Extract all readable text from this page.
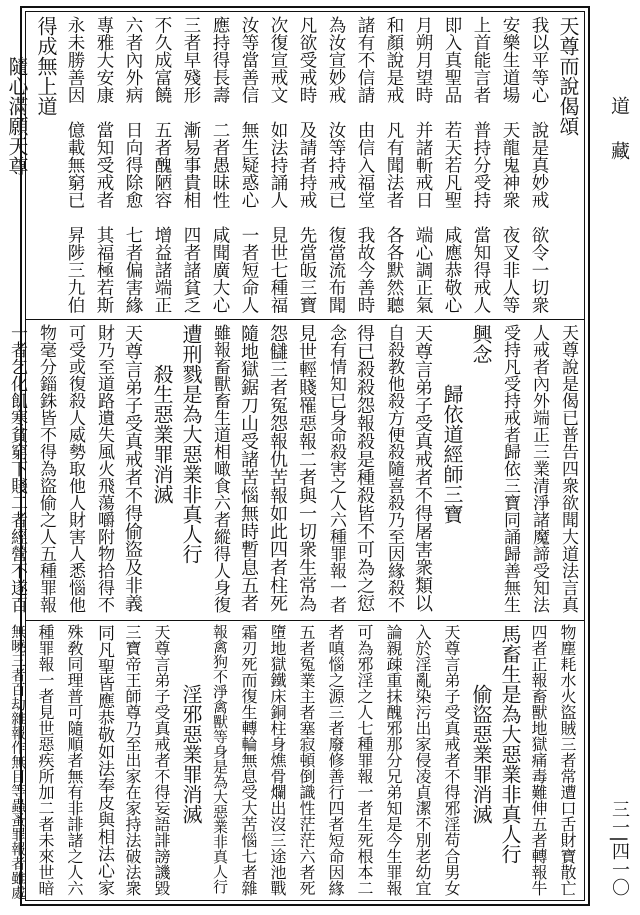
天尊而說偈頌
我以平等心　說是真妙戒　欲令一切衆
安樂生道場　天龍鬼神衆　夜叉非人等
上首能言者　普持分受持　當知得戒人
即入真聖品　若天若凡聖　咸應恭敬心
月朔月望時　并諸斬戒日　端心調正氣
和顏說是戒　凡有聞法者　各各默然聽
諸有不信請　由信入福堂　我故今善時
為汝宣妙戒　汝等持戒已　復當流布聞
凡欲受戒時　及請者持戒　先當皈三寶
次復宣戒文　如法持誦人　見世七種福
汝等當善信　無生疑惑心　一者短命人
應持得長壽　二者愚昧性　咸聞廣大心
三者早殘形　漸易事貴相　四者諸貧乏
不久成富饒　五者醜陋容　增益諸端正
六者內外病　日向得除愈　七者偏害緣
專雅大安康　當知受戒者　其福極若斯
永未勝善因　億載無窮已　昇陟三九伯
得成無上道
　　隨心滿願天尊
天尊說是偈已普告四衆欲聞大道法言真
人戒者內外端正三業清淨諸魔諦受知法
受持凡受持戒者歸依三寶同誦歸善無生
興念
　　　歸依道經師三寶
天尊言弟子受真戒者不得屠害衆類以
自殺教他殺方便殺隨喜殺乃至因緣殺不
得已殺殺怨報殺是種殺皆不可為之愆
念有情知已身命殺害之人六種罪報一者
見世輕賤罹惡報二者與一切衆生常為
怨讎三者冤怨報仇苦報如此四者柱死
隨地獄鋸刀山受諸苦惱無時暫息五者
雖報畜獸畜生道相噉食六者縱得人身復
遭刑戮是為大惡業非真人行
　　殺生惡業罪消滅
天尊言弟子受真戒者不得偷盜及非義
財乃至道路遺失風火飛蕩嚼附物拾得不
可受或復殺人威勢取他人財害人悉惱他
物毫分錙銖皆不得為盜偷之人五種罪報
一者乞化飢寒貧窮下賤二者經營不遂百
物塵耗水火盜賊三者常遭口舌財寶散亡
四者正報畜獸地獄痛毒難伸五者轉報牛
馬畜生是為大惡業非真人行
　　　偷盜惡業罪消滅
天尊言弟子受真戒者不得邪淫苟合男女
入於淫亂染污出家侵凌貞潔不別老幼宜
論親疎重抹醜邪那分兄弟知是今生罪報
可為邪淫之人七種罪報一者生死根本二
者嗔惱之源三者廢修善行四者短命因緣
五者冤業主者塞寂頓倒識性茫茫六者死
墮地獄鐵床銅柱身燋骨爛出沒三途池戰
霜刃死而復生轉輪無息受大苦惱七者雜
報禽狗不淨禽獸等身是為大惡業非真人行
　　　淫邪惡業罪消滅
天尊言弟子受真戒者不得妄語誹謗譏毀
三寶帝王師尊乃至出家在家持法破法衆
同凡聖皆應恭敬如法奉皮與相法心家
殊敎同理普可隨順者無有非誹諸之人六
種罪報一者見世惡疾所加二者未來世暗
無曉三者百劫雜報作無目等蟲蚤罪報者雖處
道藏
三一|四一〇
